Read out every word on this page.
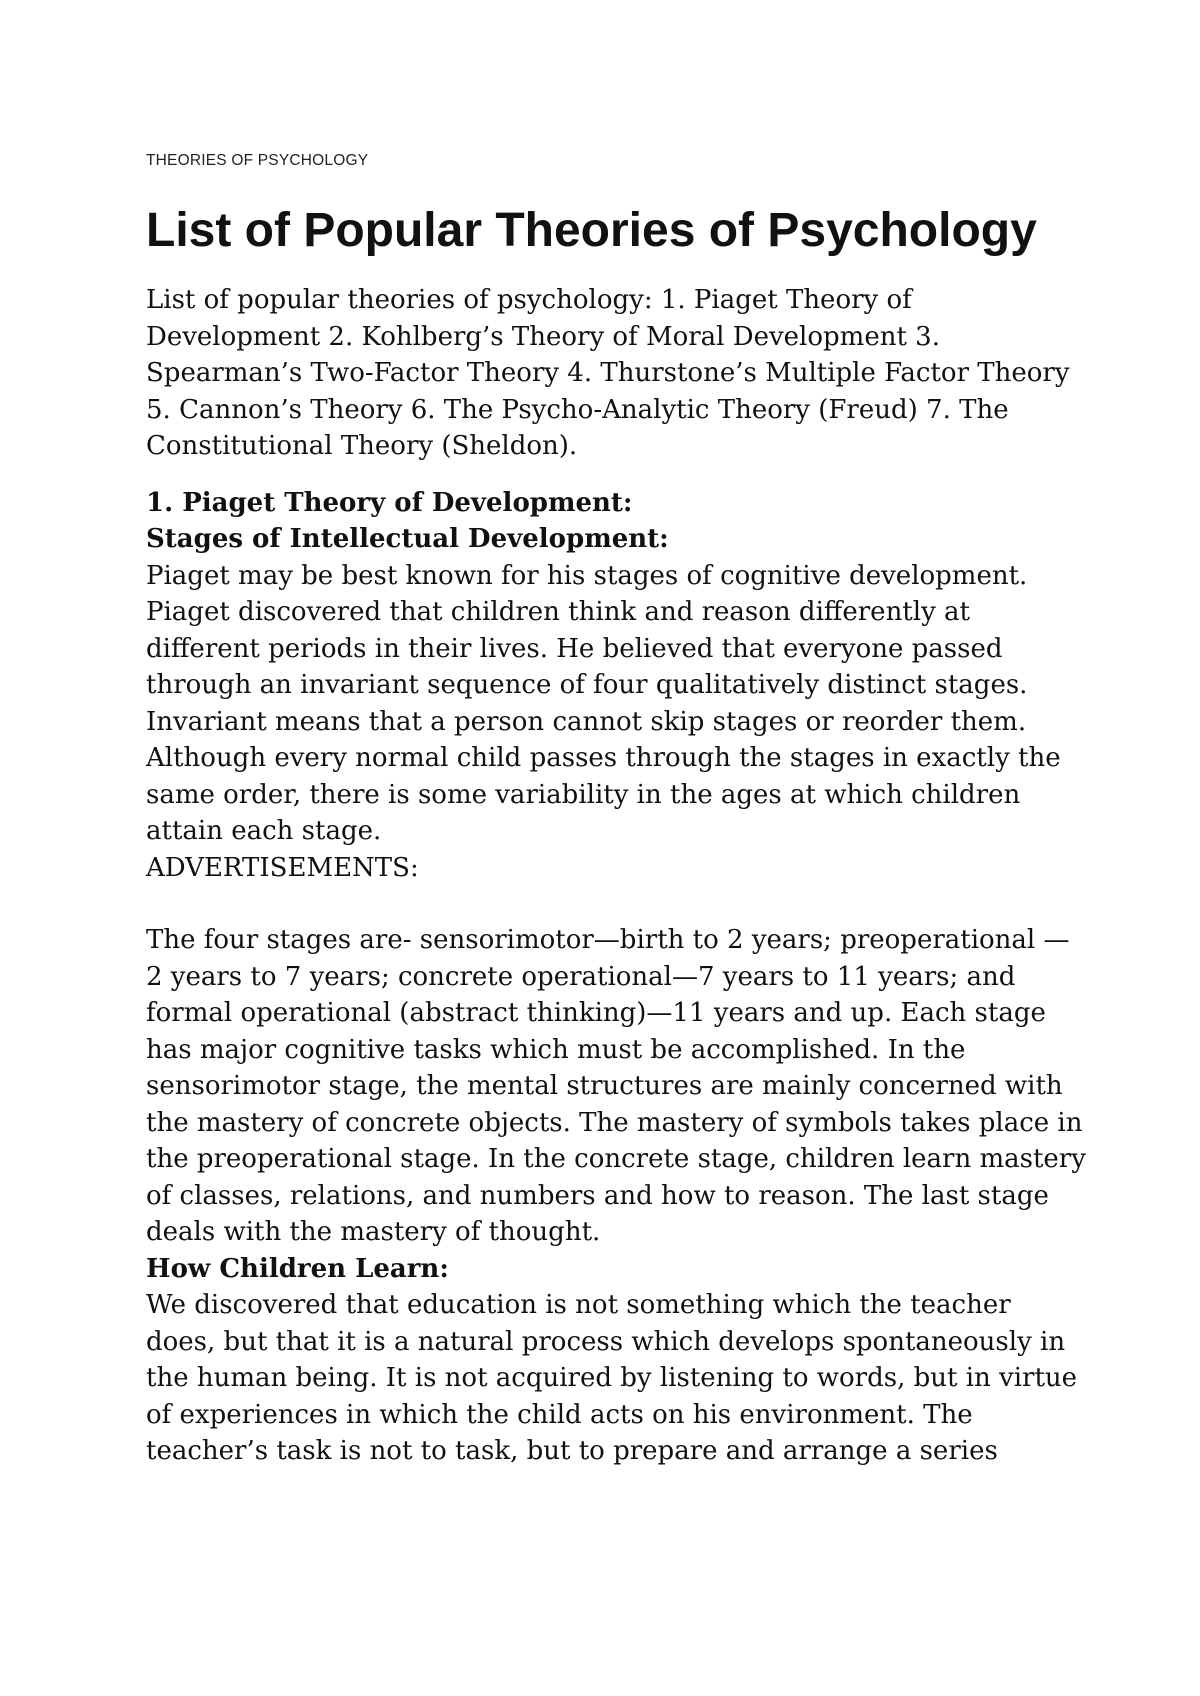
THEORIES OF PSYCHOLOGY

List of Popular Theories of Psychology

List of popular theories of psychology: 1. Piaget Theory of Development 2. Kohlberg’s Theory of Moral Development 3. Spearman’s Two-Factor Theory 4. Thurstone’s Multiple Factor Theory 5. Cannon’s Theory 6. The Psycho-Analytic Theory (Freud) 7. The Constitutional Theory (Sheldon).

1. Piaget Theory of Development:

Stages of Intellectual Development:

Piaget may be best known for his stages of cognitive development. Piaget discovered that children think and reason differently at different periods in their lives. He believed that everyone passed through an invariant sequence of four qualitatively distinct stages. Invariant means that a person cannot skip stages or reorder them. Although every normal child passes through the stages in exactly the same order, there is some variability in the ages at which children attain each stage.

ADVERTISEMENTS:

The four stages are- sensorimotor—birth to 2 years; preoperational —2 years to 7 years; concrete operational—7 years to 11 years; and formal operational (abstract thinking)—11 years and up. Each stage has major cognitive tasks which must be accomplished. In the sensorimotor stage, the mental structures are mainly concerned with the mastery of concrete objects. The mastery of symbols takes place in the preoperational stage. In the concrete stage, children learn mastery of classes, relations, and numbers and how to reason. The last stage deals with the mastery of thought.

How Children Learn:

We discovered that education is not something which the teacher does, but that it is a natural process which develops spontaneously in the human being. It is not acquired by listening to words, but in virtue of experiences in which the child acts on his environment. The teacher’s task is not to task, but to prepare and arrange a series
